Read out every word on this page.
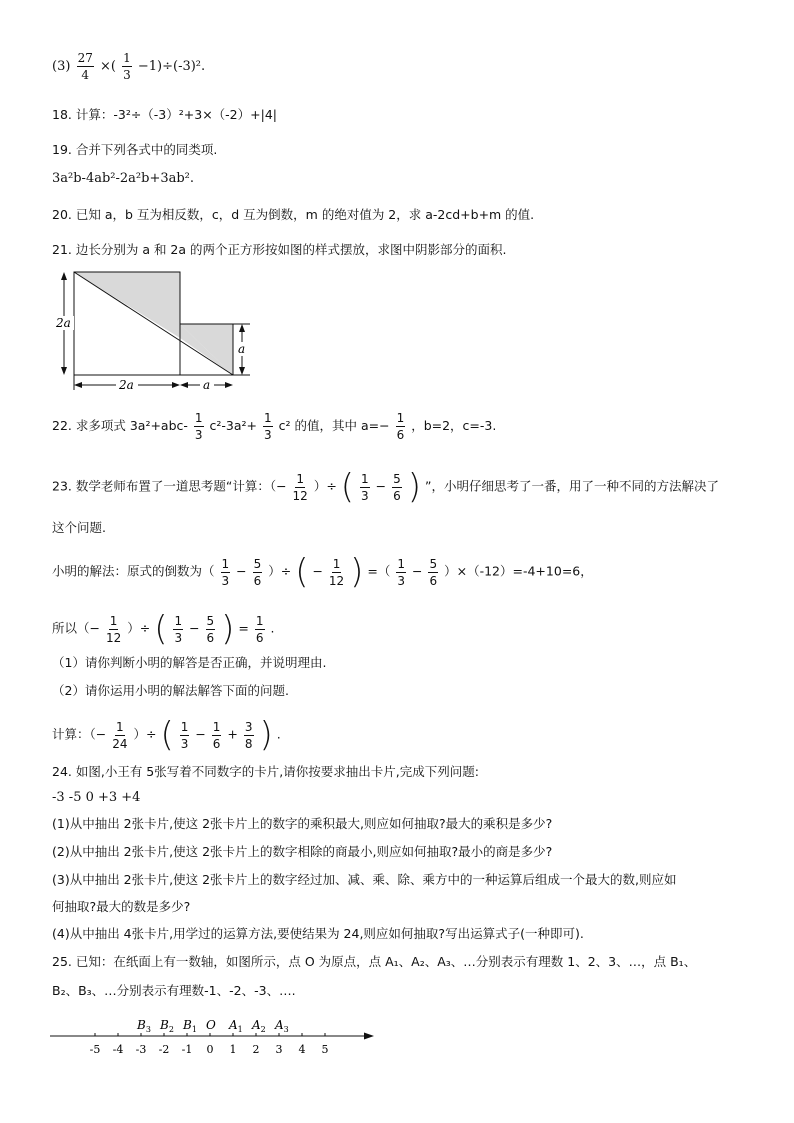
$(3) \frac{27}{4}$ ×( $\frac{1}{3} -1)\div(-3)^2$.
18. 计算：-3²÷（-3）²+3×（-2）+|4|
19. 合并下列各式中的同类项.
3a²b-4ab²-2a²b+3ab².
20. 已知 a，b 互为相反数，c，d 互为倒数，m 的绝对值为 2，求 a-2cd+b+m 的值.
21. 边长分别为 a 和 2a 的两个正方形按如图的样式摆放，求图中阴影部分的面积.
2a
a
2a	a
22. 求多项式 $3a^2+abc- \frac{1}{3} c^2-3a^2+ \frac{1}{3} c^2$ 的值，其中 $a=- \frac{1}{6}$ ，b=2，c=-3.
23. 数学老师布置了一道思考题“计算：（− $\frac{1}{12}$ ）÷ ( $\frac{1}{3} - \frac{5}{6}$ ) ”，小明仔细思考了一番，用了一种不同的方法解决了
这个问题.
小明的解法：原式的倒数为（ $\frac{1}{3} - \frac{5}{6}$ ）÷ ( − $\frac{1}{12}$ ) =（ $\frac{1}{3} - \frac{5}{6} )\times(-12)=-4+10=6$，
所以（− $\frac{1}{12}$ ）÷ ( $\frac{1}{3} - \frac{5}{6}$ ) = $\frac{1}{6}$ .
（1）请你判断小明的解答是否正确，并说明理由.
（2）请你运用小明的解法解答下面的问题.
计算：（− $\frac{1}{24}$ ）÷ ( $\frac{1}{3} - \frac{1}{6} + \frac{3}{8}$ ) .
24. 如图,小王有 5张写着不同数字的卡片,请你按要求抽出卡片,完成下列问题:
-3 -5 0 +3 +4
(1)从中抽出 2张卡片,使这 2张卡片上的数字的乘积最大,则应如何抽取?最大的乘积是多少?
(2)从中抽出 2张卡片,使这 2张卡片上的数字相除的商最小,则应如何抽取?最小的商是多少?
(3)从中抽出 2张卡片,使这 2张卡片上的数字经过加、减、乘、除、乘方中的一种运算后组成一个最大的数,则应如
何抽取?最大的数是多少?
(4)从中抽出 4张卡片,用学过的运算方法,要使结果为 24,则应如何抽取?写出运算式子(一种即可).
25. 已知：在纸面上有一数轴，如图所示，点 O 为原点，点 A₁、A₂、A₃、…分别表示有理数 1、2、3、…，点 B₁、
B₂、B₃、…分别表示有理数-1、-2、-3、….
-5 -4 -3 -2 -1 0 1 2 3 4 5
$B_3$ $B_2$ $B_1$ O $A_1$ $A_2$ $A_3$
